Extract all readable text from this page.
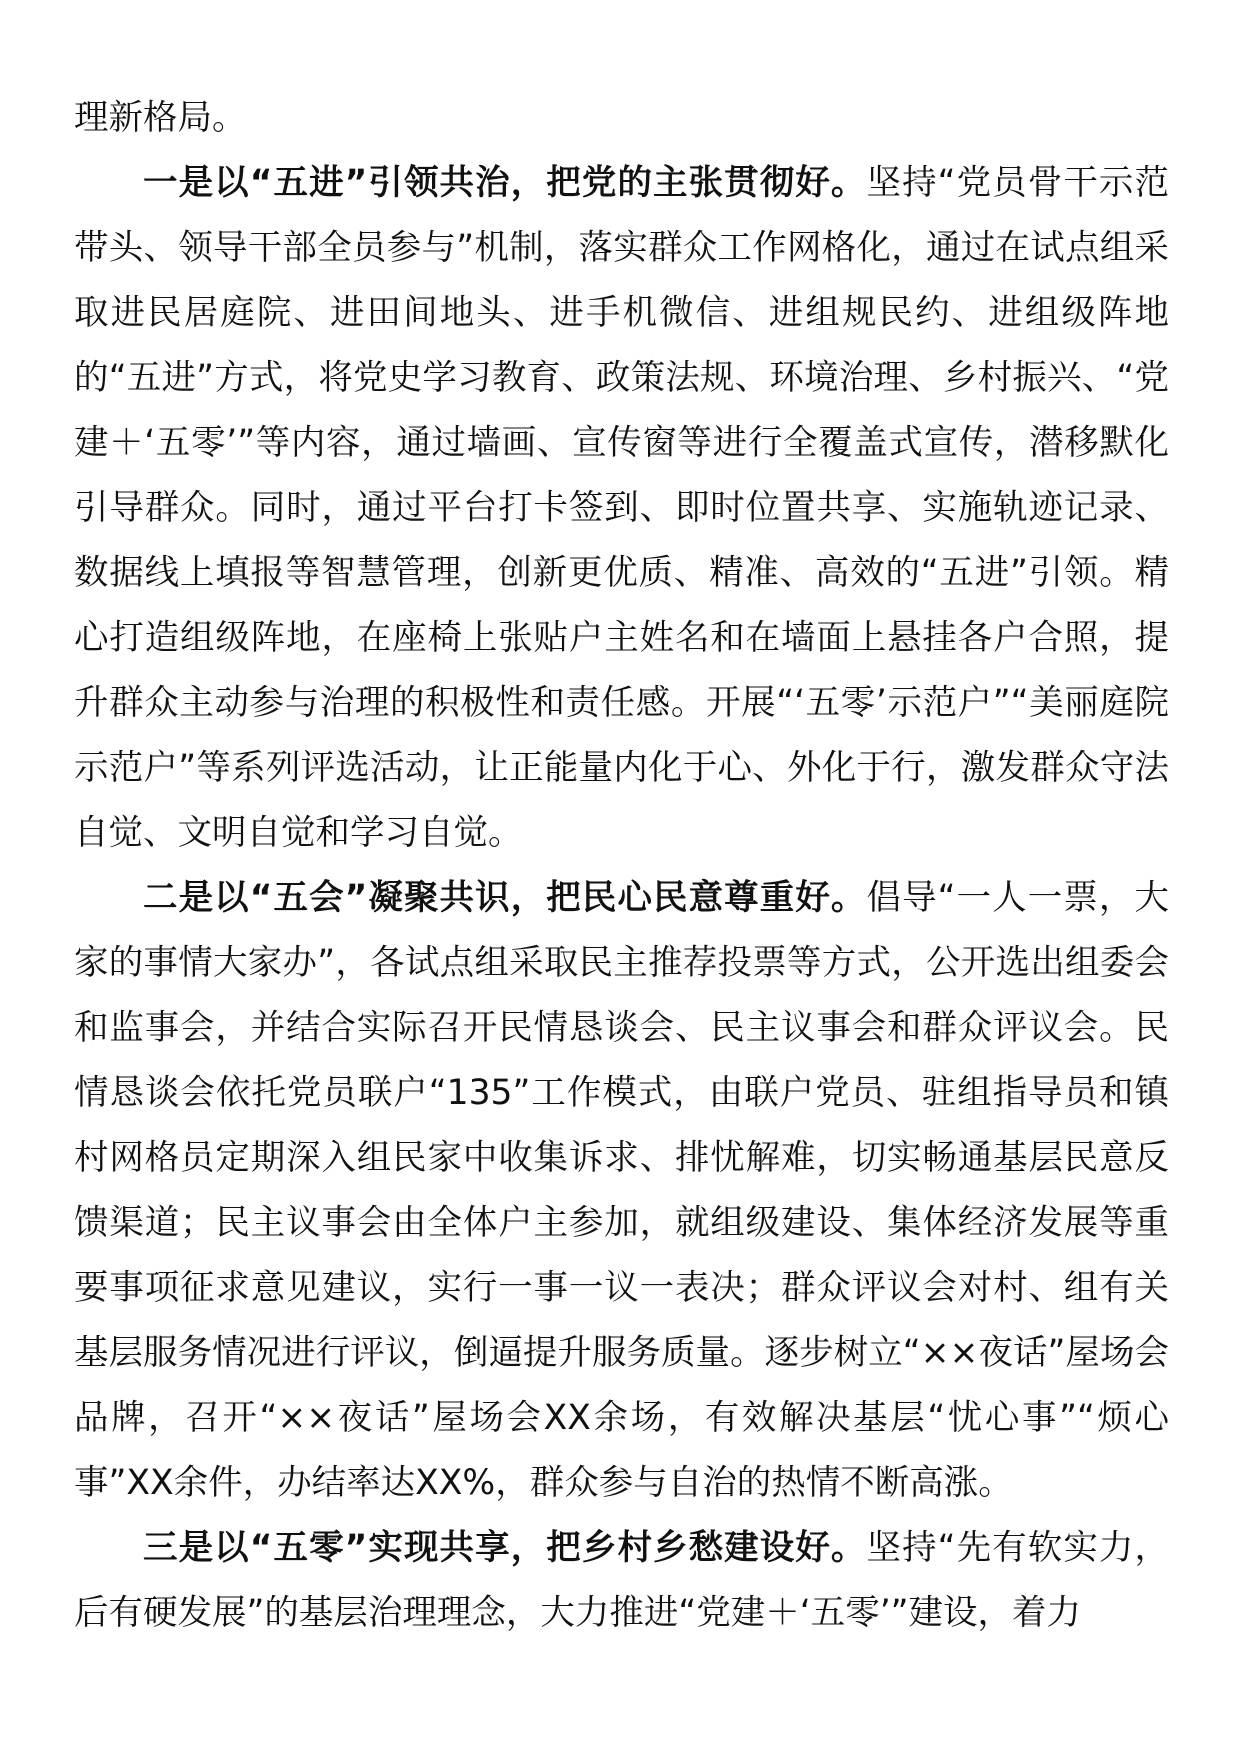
理新格局。

一是以“五进”引领共治，把党的主张贯彻好。坚持“党员骨干示范带头、领导干部全员参与”机制，落实群众工作网格化，通过在试点组采取进民居庭院、进田间地头、进手机微信、进组规民约、进组级阵地的“五进”方式，将党史学习教育、政策法规、环境治理、乡村振兴、“党建＋‘五零’”等内容，通过墙画、宣传窗等进行全覆盖式宣传，潜移默化引导群众。同时，通过平台打卡签到、即时位置共享、实施轨迹记录、数据线上填报等智慧管理，创新更优质、精准、高效的“五进”引领。精心打造组级阵地，在座椅上张贴户主姓名和在墙面上悬挂各户合照，提升群众主动参与治理的积极性和责任感。开展“‘五零’示范户”“美丽庭院示范户”等系列评选活动，让正能量内化于心、外化于行，激发群众守法自觉、文明自觉和学习自觉。

二是以“五会”凝聚共识，把民心民意尊重好。倡导“一人一票，大家的事情大家办”，各试点组采取民主推荐投票等方式，公开选出组委会和监事会，并结合实际召开民情恳谈会、民主议事会和群众评议会。民情恳谈会依托党员联户“135”工作模式，由联户党员、驻组指导员和镇村网格员定期深入组民家中收集诉求、排忧解难，切实畅通基层民意反馈渠道；民主议事会由全体户主参加，就组级建设、集体经济发展等重要事项征求意见建议，实行一事一议一表决；群众评议会对村、组有关基层服务情况进行评议，倒逼提升服务质量。逐步树立“××夜话”屋场会品牌，召开“××夜话”屋场会XX余场，有效解决基层“忧心事”“烦心事”XX余件，办结率达XX%，群众参与自治的热情不断高涨。

三是以“五零”实现共享，把乡村乡愁建设好。坚持“先有软实力，后有硬发展”的基层治理理念，大力推进“党建＋‘五零’”建设，着力
